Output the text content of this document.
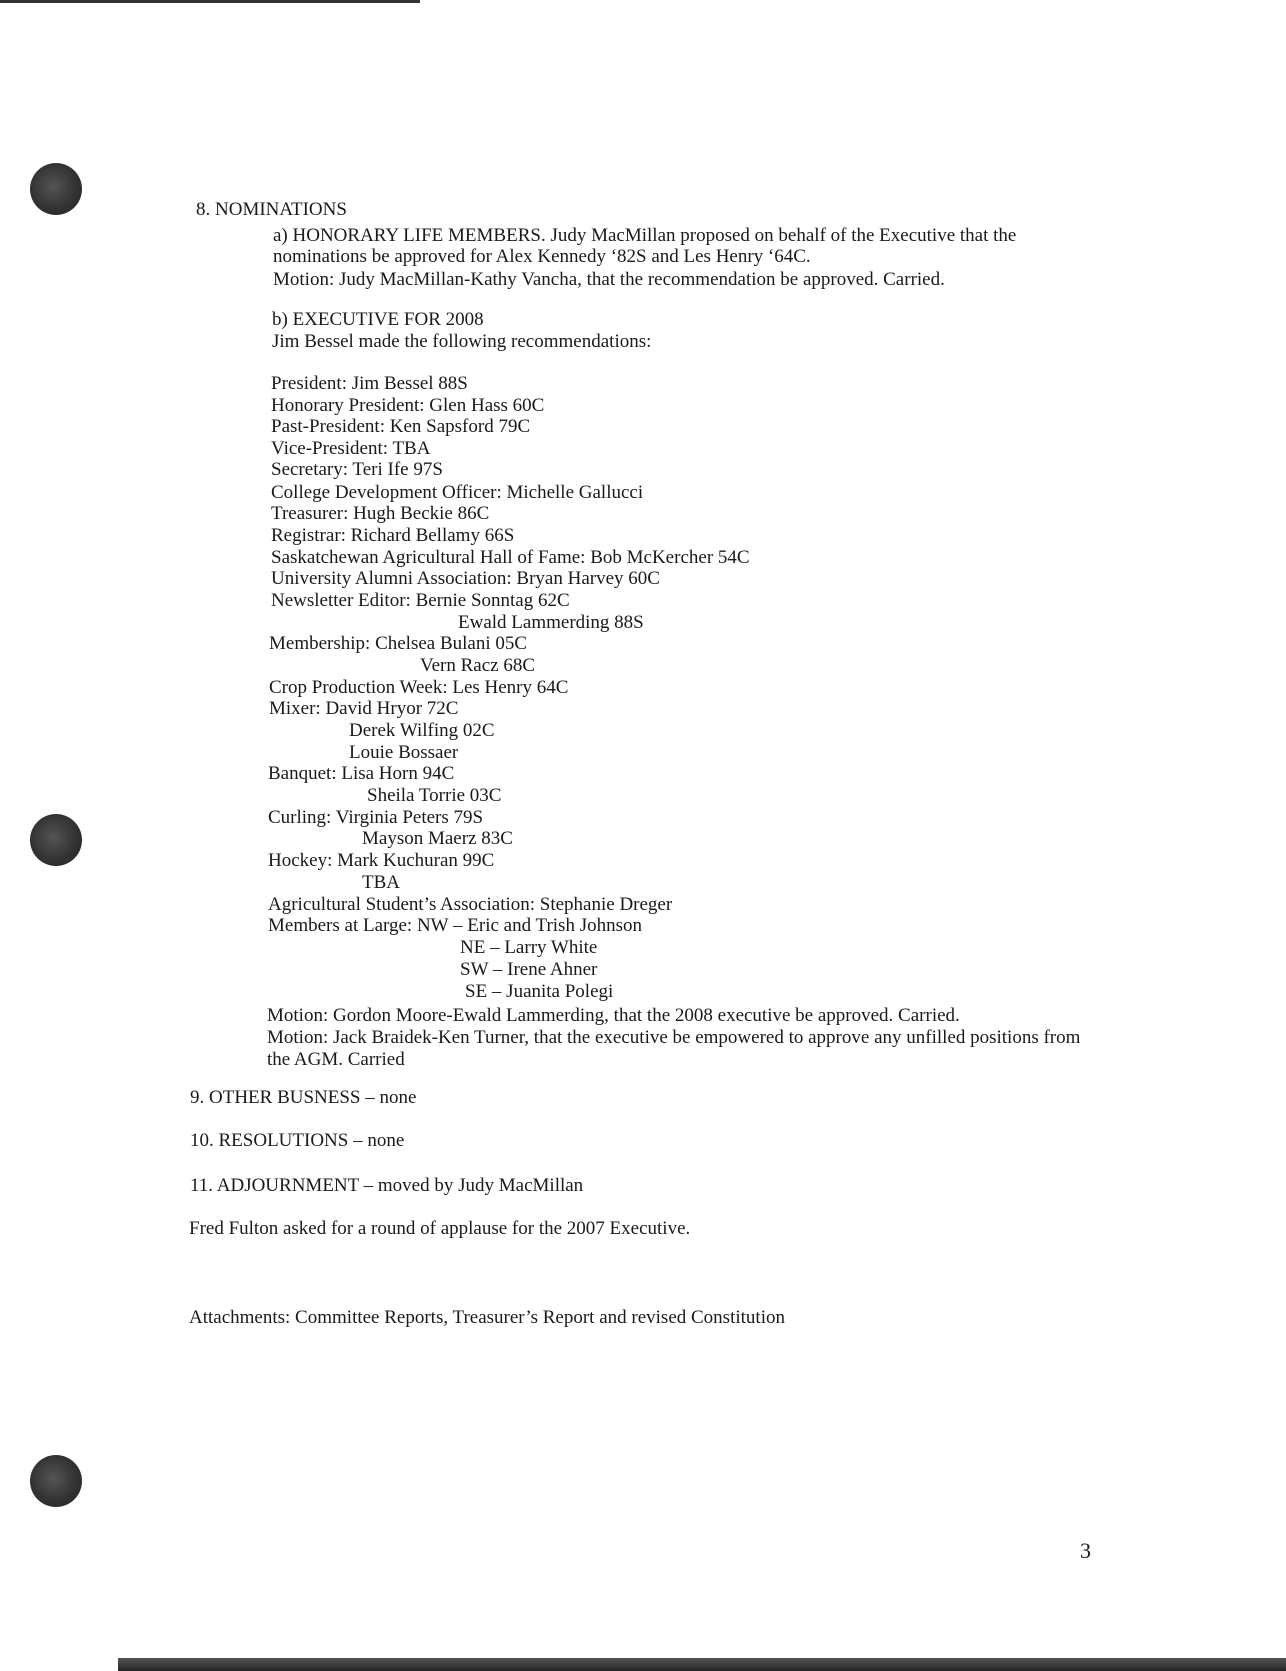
8. NOMINATIONS
a) HONORARY LIFE MEMBERS. Judy MacMillan proposed on behalf of the Executive that the
nominations be approved for Alex Kennedy ‘82S and Les Henry ‘64C.
Motion: Judy MacMillan-Kathy Vancha, that the recommendation be approved. Carried.
b) EXECUTIVE FOR 2008
Jim Bessel made the following recommendations:
President: Jim Bessel 88S
Honorary President: Glen Hass 60C
Past-President: Ken Sapsford 79C
Vice-President: TBA
Secretary: Teri Ife 97S
College Development Officer: Michelle Gallucci
Treasurer: Hugh Beckie 86C
Registrar: Richard Bellamy 66S
Saskatchewan Agricultural Hall of Fame: Bob McKercher 54C
University Alumni Association: Bryan Harvey 60C
Newsletter Editor: Bernie Sonntag 62C
Ewald Lammerding 88S
Membership: Chelsea Bulani 05C
Vern Racz 68C
Crop Production Week: Les Henry 64C
Mixer: David Hryor 72C
Derek Wilfing 02C
Louie Bossaer
Banquet: Lisa Horn 94C
Sheila Torrie 03C
Curling: Virginia Peters 79S
Mayson Maerz 83C
Hockey: Mark Kuchuran 99C
TBA
Agricultural Student’s Association: Stephanie Dreger
Members at Large: NW – Eric and Trish Johnson
NE – Larry White
SW – Irene Ahner
SE – Juanita Polegi
Motion: Gordon Moore-Ewald Lammerding, that the 2008 executive be approved. Carried.
Motion: Jack Braidek-Ken Turner, that the executive be empowered to approve any unfilled positions from
the AGM. Carried
9. OTHER BUSNESS – none
10. RESOLUTIONS – none
11. ADJOURNMENT – moved by Judy MacMillan
Fred Fulton asked for a round of applause for the 2007 Executive.
Attachments: Committee Reports, Treasurer’s Report and revised Constitution
3
